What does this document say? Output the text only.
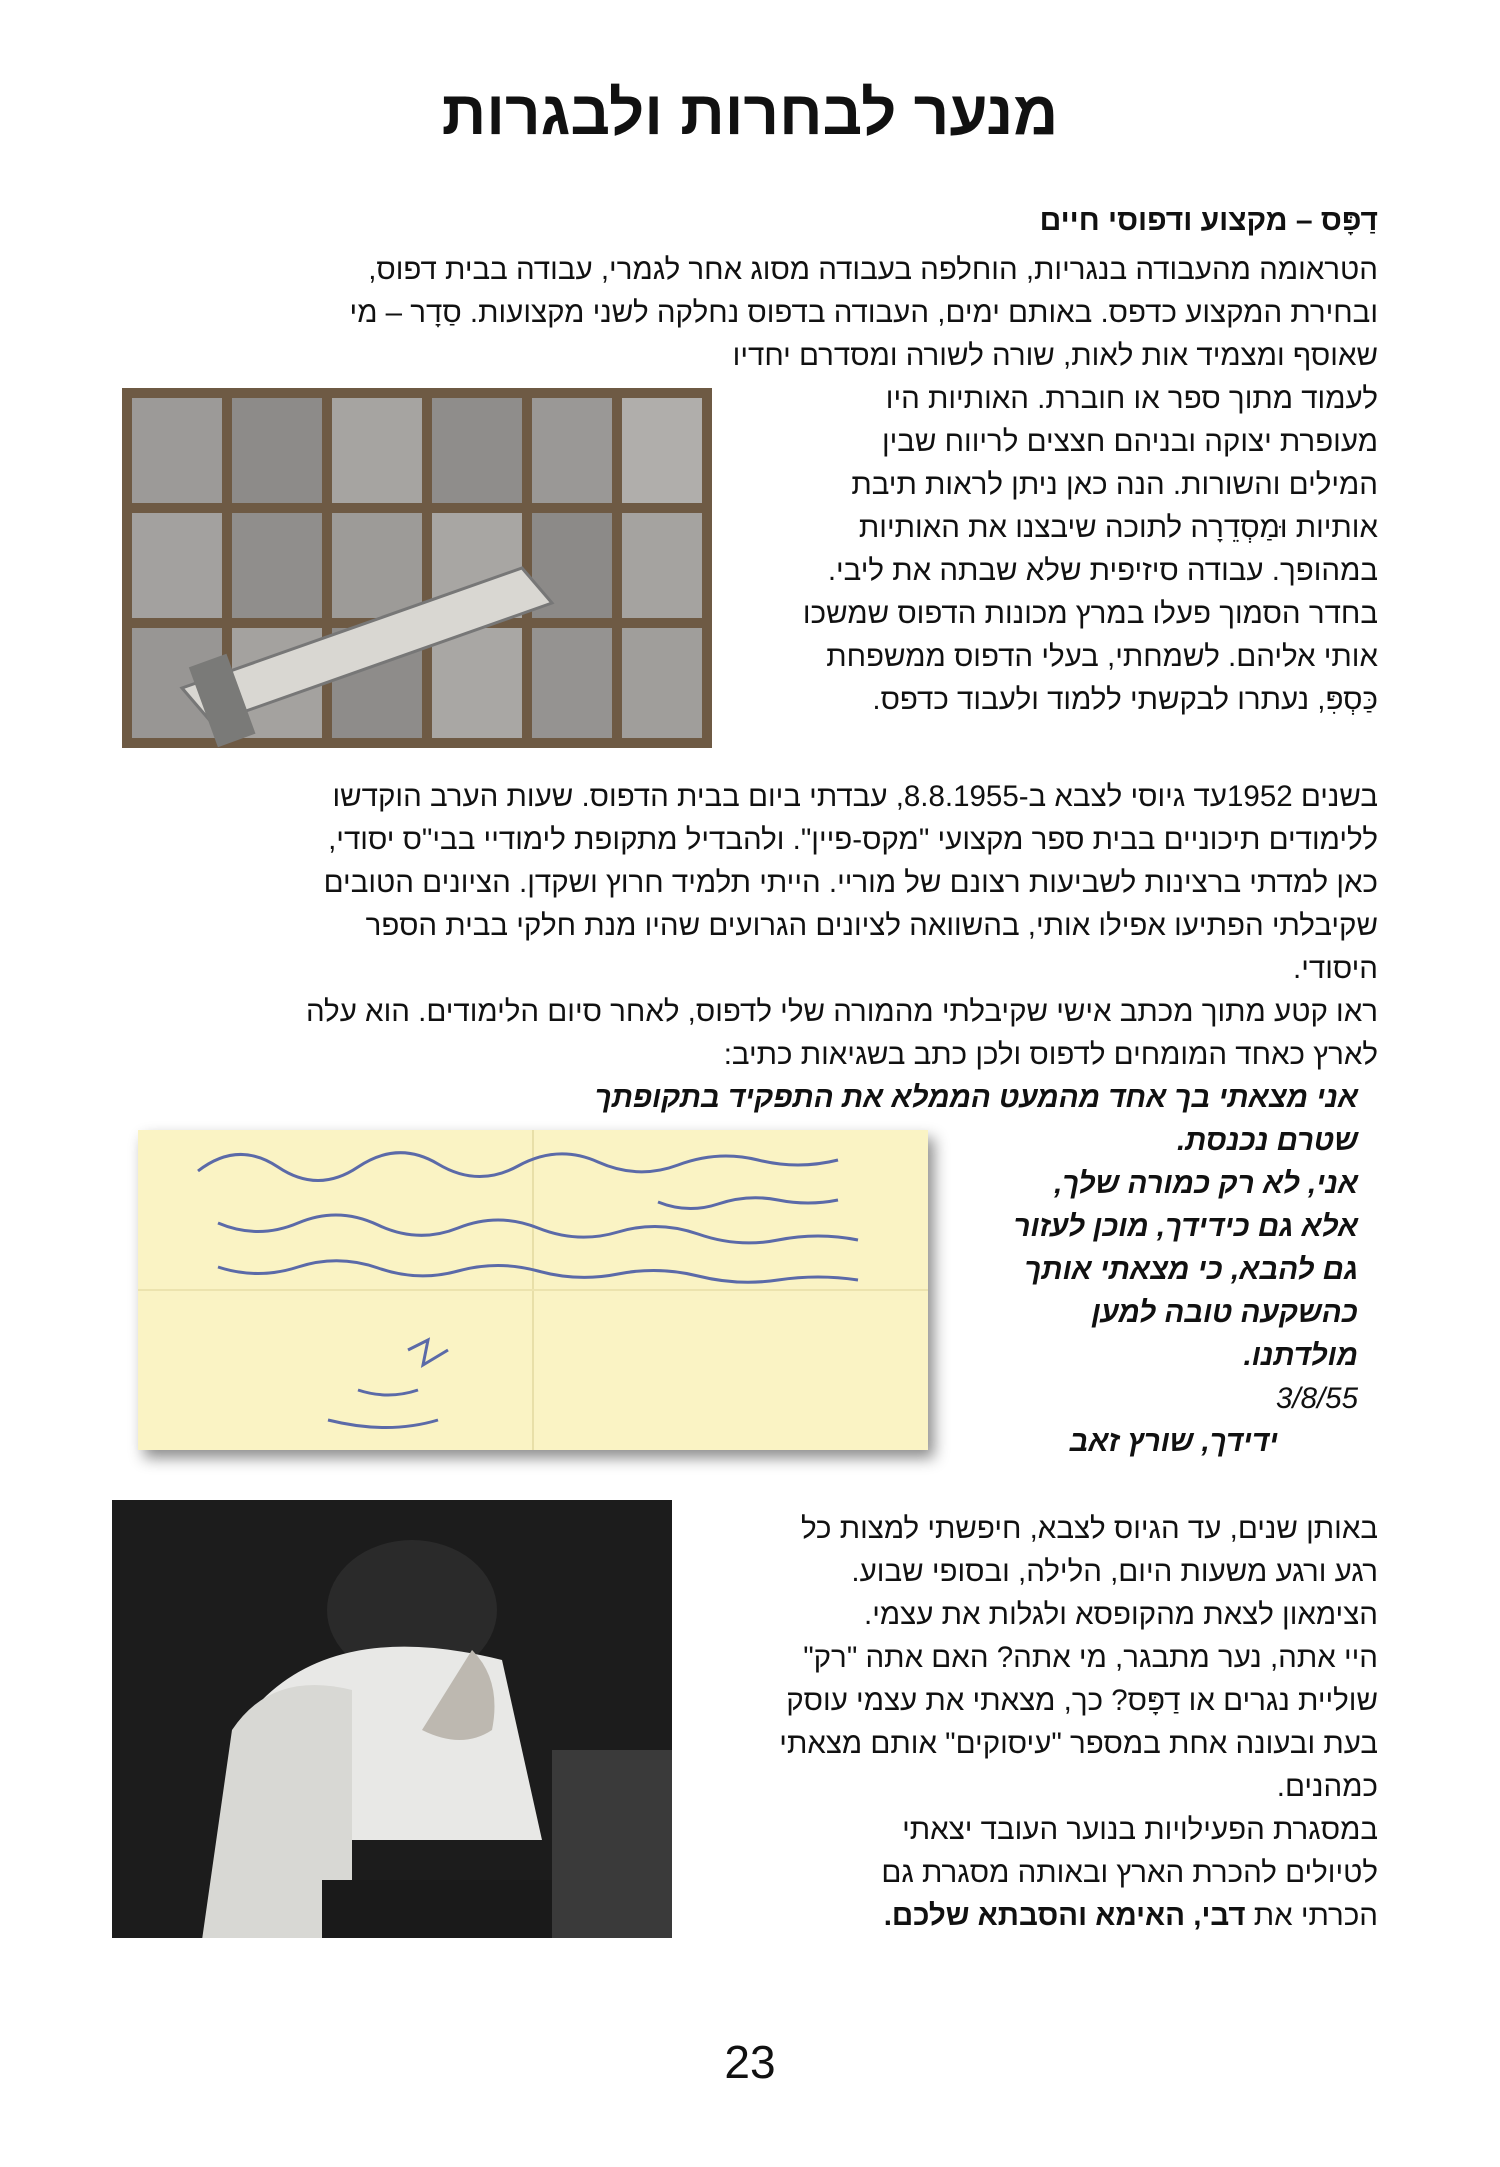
מנער לבחרות ולבגרות
דַפָּס – מקצוע ודפוסי חיים
הטראומה מהעבודה בנגריות, הוחלפה בעבודה מסוג אחר לגמרי, עבודה בבית דפוס,
ובחירת המקצוע כדפס. באותם ימים, העבודה בדפוס נחלקה לשני מקצועות. סַדָר – מי
שאוסף ומצמיד אות לאות, שורה לשורה ומסדרם יחדיו
לעמוד מתוך ספר או חוברת. האותיות היו
מעופרת יצוקה ובניהם חצצים לריווח שבין
המילים והשורות. הנה כאן ניתן לראות תיבת
אותיות וּמַסְדֵרָה לתוכה שיבצנו את האותיות
במהופך. עבודה סיזיפית שלא שבתה את ליבי.
בחדר הסמוך פעלו במרץ מכונות הדפוס שמשכו
אותי אליהם. לשמחתי, בעלי הדפוס ממשפחת
כַּסְפִּ, נעתרו לבקשתי ללמוד ולעבוד כדפס.
בשנים 1952עד גיוסי לצבא ב-8.8.1955, עבדתי ביום בבית הדפוס. שעות הערב הוקדשו
ללימודים תיכוניים בבית ספר מקצועי "מקס-פיין". ולהבדיל מתקופת לימודיי בבי"ס יסודי,
כאן למדתי ברצינות לשביעות רצונם של מוריי. הייתי תלמיד חרוץ ושקדן. הציונים הטובים
שקיבלתי הפתיעו אפילו אותי, בהשוואה לציונים הגרועים שהיו מנת חלקי בבית הספר
היסודי.
ראו קטע מתוך מכתב אישי שקיבלתי מהמורה שלי לדפוס, לאחר סיום הלימודים. הוא עלה
לארץ כאחד המומחים לדפוס ולכן כתב בשגיאות כתיב:
אני מצאתי בך אחד מהמעט הממלא את התפקיד בתקופתך שטרם נכנסת.
אני, לא רק כמורה שלך,
אלא גם כידידך, מוכן לעזור
גם להבא, כי מצאתי אותך
כהשקעה טובה למען
מולדתנו.
3/8/55
ידידך, שורץ זאב
באותן שנים, עד הגיוס לצבא, חיפשתי למצות כל
רגע ורגע משעות היום, הלילה, ובסופי שבוע.
הצימאון לצאת מהקופסא ולגלות את עצמי.
היי אתה, נער מתבגר, מי אתה? האם אתה "רק"
שוליית נגרים או דַפָּס? כך, מצאתי את עצמי עוסק
בעת ובעונה אחת במספר "עיסוקים" אותם מצאתי
כמהנים.
במסגרת הפעילויות בנוער העובד יצאתי
לטיולים להכרת הארץ ובאותה מסגרת גם
הכרתי את דבי, האימא והסבתא שלכם.
23
